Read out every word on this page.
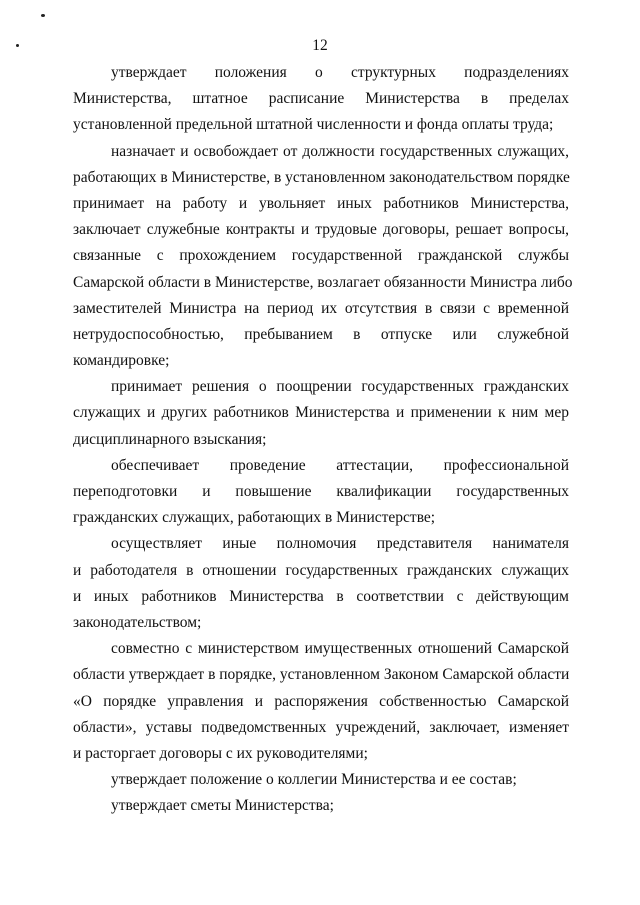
12
утверждает положения о структурных подразделениях
Министерства, штатное расписание Министерства в пределах
установленной предельной штатной численности и фонда оплаты труда;
назначает и освобождает от должности государственных служащих,
работающих в Министерстве, в установленном законодательством порядке
принимает на работу и увольняет иных работников Министерства,
заключает служебные контракты и трудовые договоры, решает вопросы,
связанные с прохождением государственной гражданской службы
Самарской области в Министерстве, возлагает обязанности Министра либо
заместителей Министра на период их отсутствия в связи с временной
нетрудоспособностью, пребыванием в отпуске или служебной
командировке;
принимает решения о поощрении государственных гражданских
служащих и других работников Министерства и применении к ним мер
дисциплинарного взыскания;
обеспечивает проведение аттестации, профессиональной
переподготовки и повышение квалификации государственных
гражданских служащих, работающих в Министерстве;
осуществляет иные полномочия представителя нанимателя
и работодателя в отношении государственных гражданских служащих
и иных работников Министерства в соответствии с действующим
законодательством;
совместно с министерством имущественных отношений Самарской
области утверждает в порядке, установленном Законом Самарской области
«О порядке управления и распоряжения собственностью Самарской
области», уставы подведомственных учреждений, заключает, изменяет
и расторгает договоры с их руководителями;
утверждает положение о коллегии Министерства и ее состав;
утверждает сметы Министерства;
